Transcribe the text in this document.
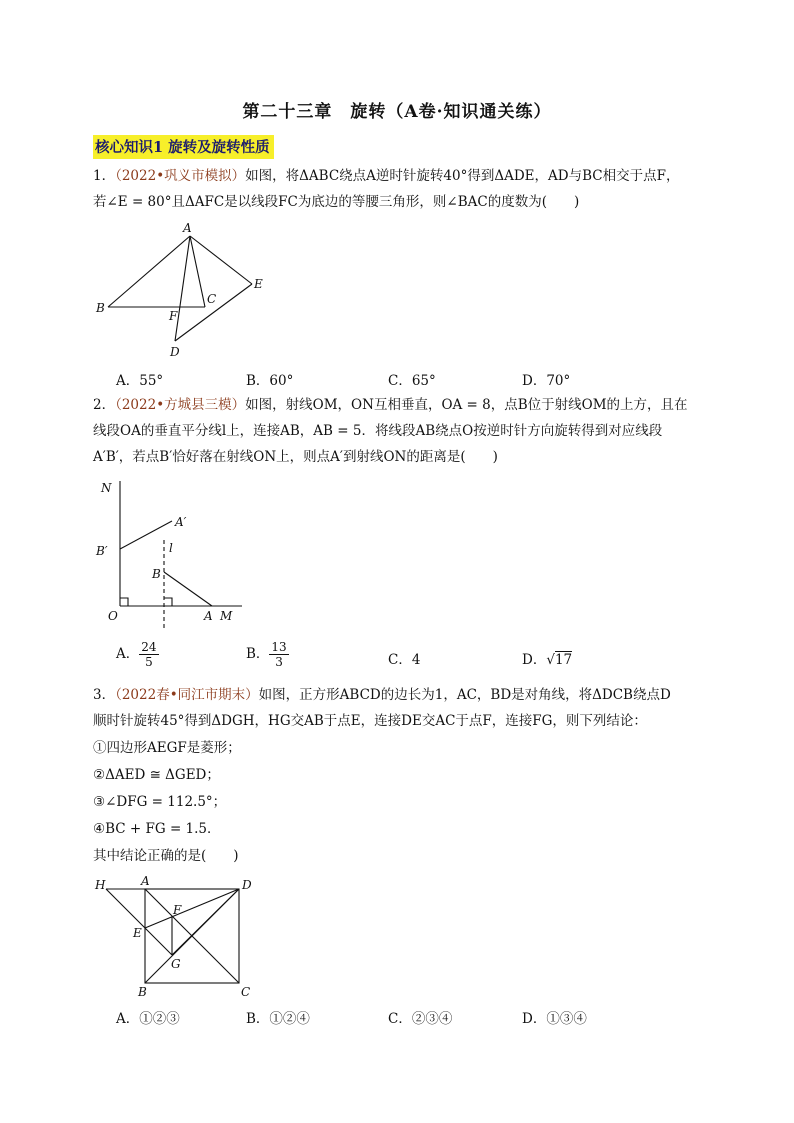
第二十三章　旋转（A卷·知识通关练）
核心知识1 旋转及旋转性质
1．（2022•巩义市模拟）如图，将ΔABC绕点A逆时针旋转40°得到ΔADE，AD与BC相交于点F，
若∠E = 80°且ΔAFC是以线段FC为底边的等腰三角形，则∠BAC的度数为(　　)
A
B
C
E
F
D
A．55°	B．60°	C．65°	D．70°
2．（2022•方城县三模）如图，射线OM，ON互相垂直，OA = 8，点B位于射线OM的上方，且在
线段OA的垂直平分线l上，连接AB，AB = 5．将线段AB绕点O按逆时针方向旋转得到对应线段
A′B′，若点B′恰好落在射线ON上，则点A′到射线ON的距离是(　　)
N
A′
B′	l
B
O	A M
A． $\frac{24}{5}$	B． $\frac{13}{3}$	C．4	D．√17
3．（2022春•同江市期末）如图，正方形ABCD的边长为1，AC，BD是对角线，将ΔDCB绕点D
顺时针旋转45°得到ΔDGH，HG交AB于点E，连接DE交AC于点F，连接FG，则下列结论：
①四边形AEGF是菱形；
②ΔAED ≅ ΔGED；
③∠DFG = 112.5°；
④BC + FG = 1.5．
其中结论正确的是(　　)
H	A	D
F
E
G
B	C
A．①②③	B．①②④	C．②③④	D．①③④
